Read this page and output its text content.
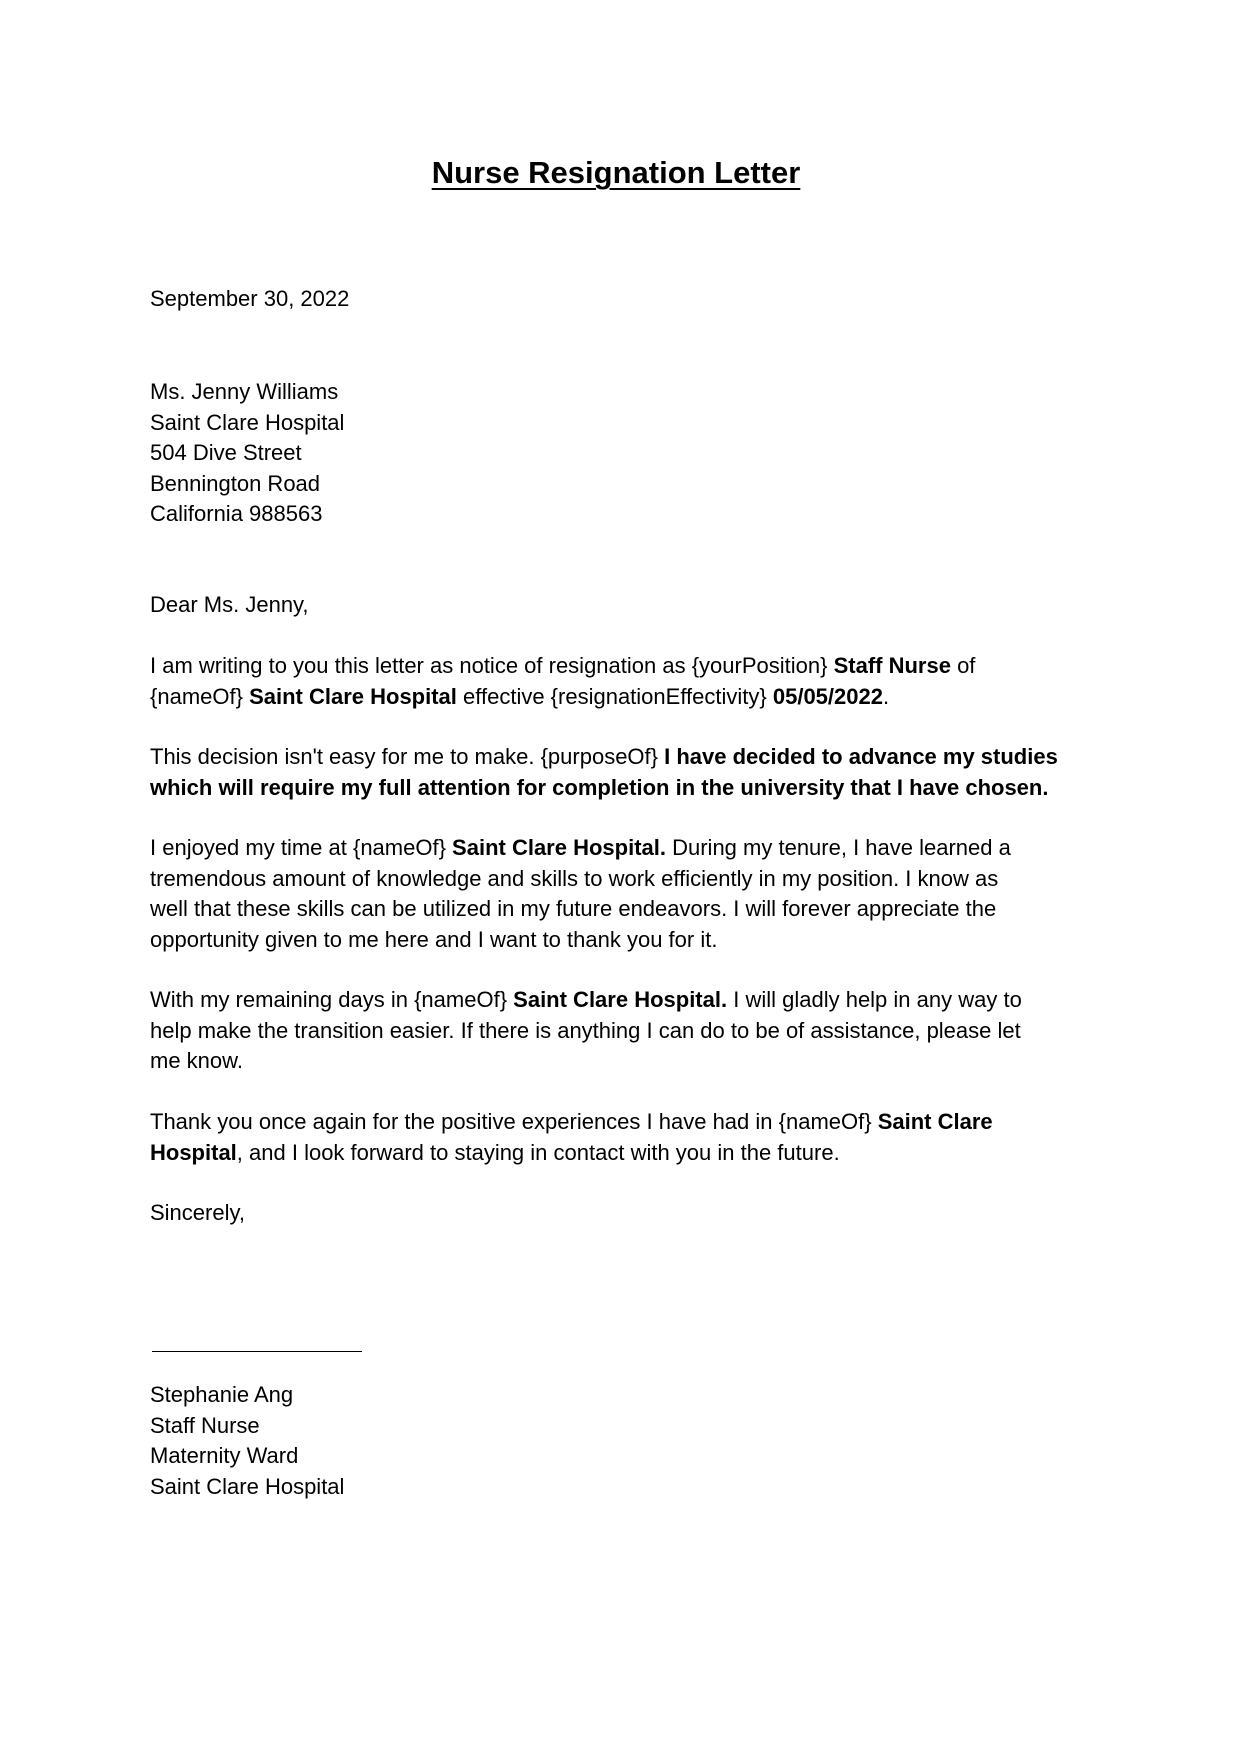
Nurse Resignation Letter

September 30, 2022

Ms. Jenny Williams
Saint Clare Hospital
504 Dive Street
Bennington Road
California 988563

Dear Ms. Jenny,

I am writing to you this letter as notice of resignation as {yourPosition} Staff Nurse of
{nameOf} Saint Clare Hospital effective {resignationEffectivity} 05/05/2022.
This decision isn't easy for me to make. {purposeOf} I have decided to advance my studies
which will require my full attention for completion in the university that I have chosen.
I enjoyed my time at {nameOf} Saint Clare Hospital. During my tenure, I have learned a
tremendous amount of knowledge and skills to work efficiently in my position. I know as
well that these skills can be utilized in my future endeavors. I will forever appreciate the
opportunity given to me here and I want to thank you for it.
With my remaining days in {nameOf} Saint Clare Hospital. I will gladly help in any way to
help make the transition easier. If there is anything I can do to be of assistance, please let
me know.
Thank you once again for the positive experiences I have had in {nameOf} Saint Clare
Hospital, and I look forward to staying in contact with you in the future.

Sincerely,

Stephanie Ang
Staff Nurse
Maternity Ward
Saint Clare Hospital
